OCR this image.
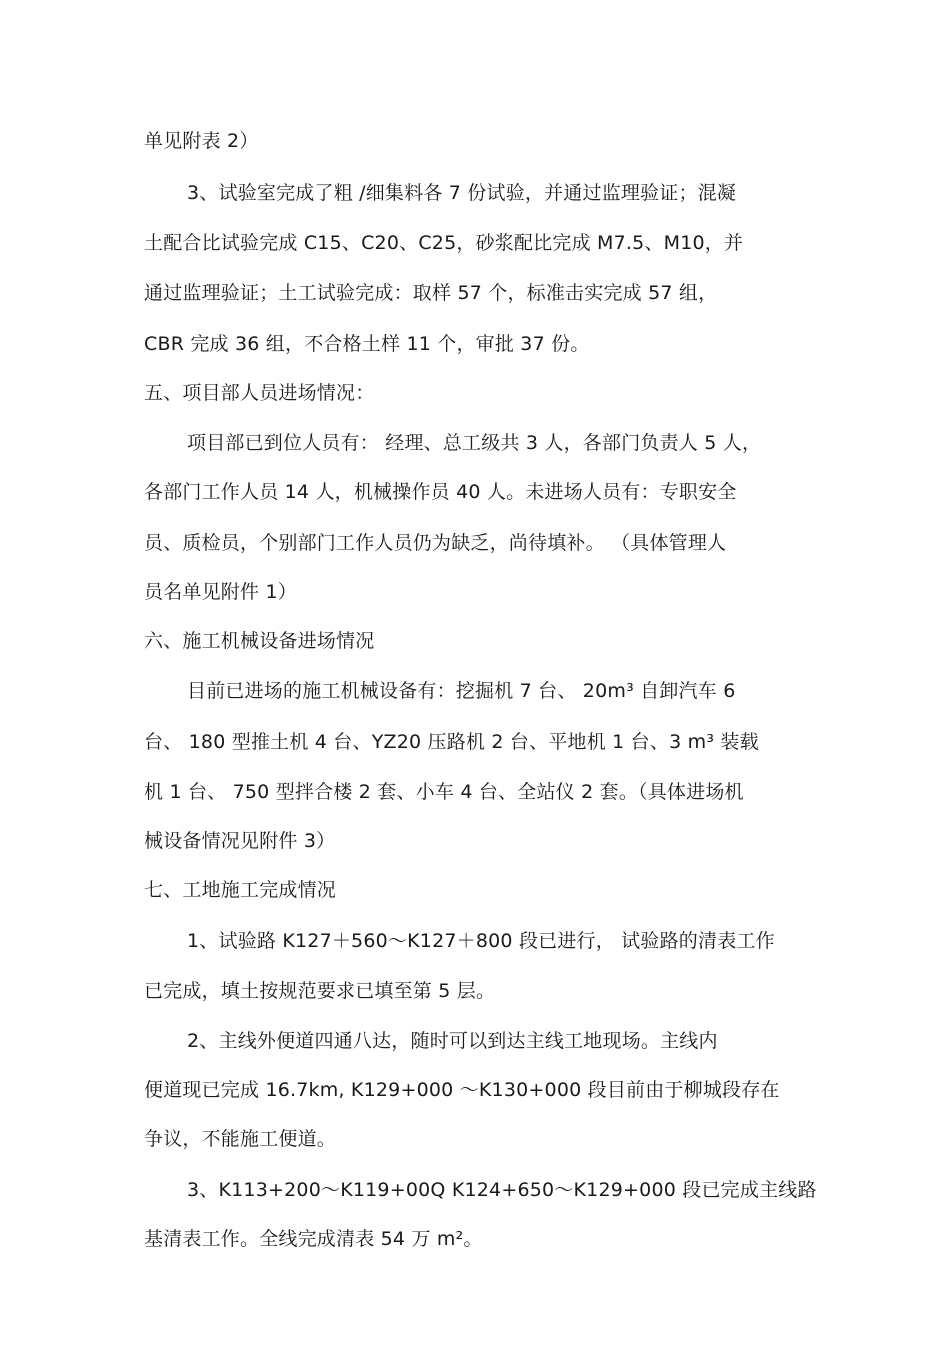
单见附表 2）
3、试验室完成了粗 /细集料各 7 份试验，并通过监理验证；混凝
土配合比试验完成 C15、C20、C25，砂浆配比完成 M7.5、M10，并
通过监理验证；土工试验完成：取样 57 个，标准击实完成 57 组，
CBR 完成 36 组，不合格土样 11 个，审批 37 份。
五、项目部人员进场情况：
项目部已到位人员有： 经理、总工级共 3 人，各部门负责人 5 人，
各部门工作人员 14 人，机械操作员 40 人。未进场人员有：专职安全
员、质检员，个别部门工作人员仍为缺乏，尚待填补。 （具体管理人
员名单见附件 1）
六、施工机械设备进场情况
目前已进场的施工机械设备有：挖掘机 7 台、 20m³ 自卸汽车 6
台、 180 型推土机 4 台、YZ20 压路机 2 台、平地机 1 台、3 m³ 装载
机 1 台、 750 型拌合楼 2 套、小车 4 台、全站仪 2 套。（具体进场机
械设备情况见附件 3）
七、工地施工完成情况
1、试验路 K127＋560～K127＋800 段已进行， 试验路的清表工作
已完成，填土按规范要求已填至第 5 层。
2、主线外便道四通八达，随时可以到达主线工地现场。主线内
便道现已完成 16.7km, K129+000 ～K130+000 段目前由于柳城段存在
争议，不能施工便道。
3、K113+200～K119+00Q K124+650～K129+000 段已完成主线路
基清表工作。全线完成清表 54 万 m²。
